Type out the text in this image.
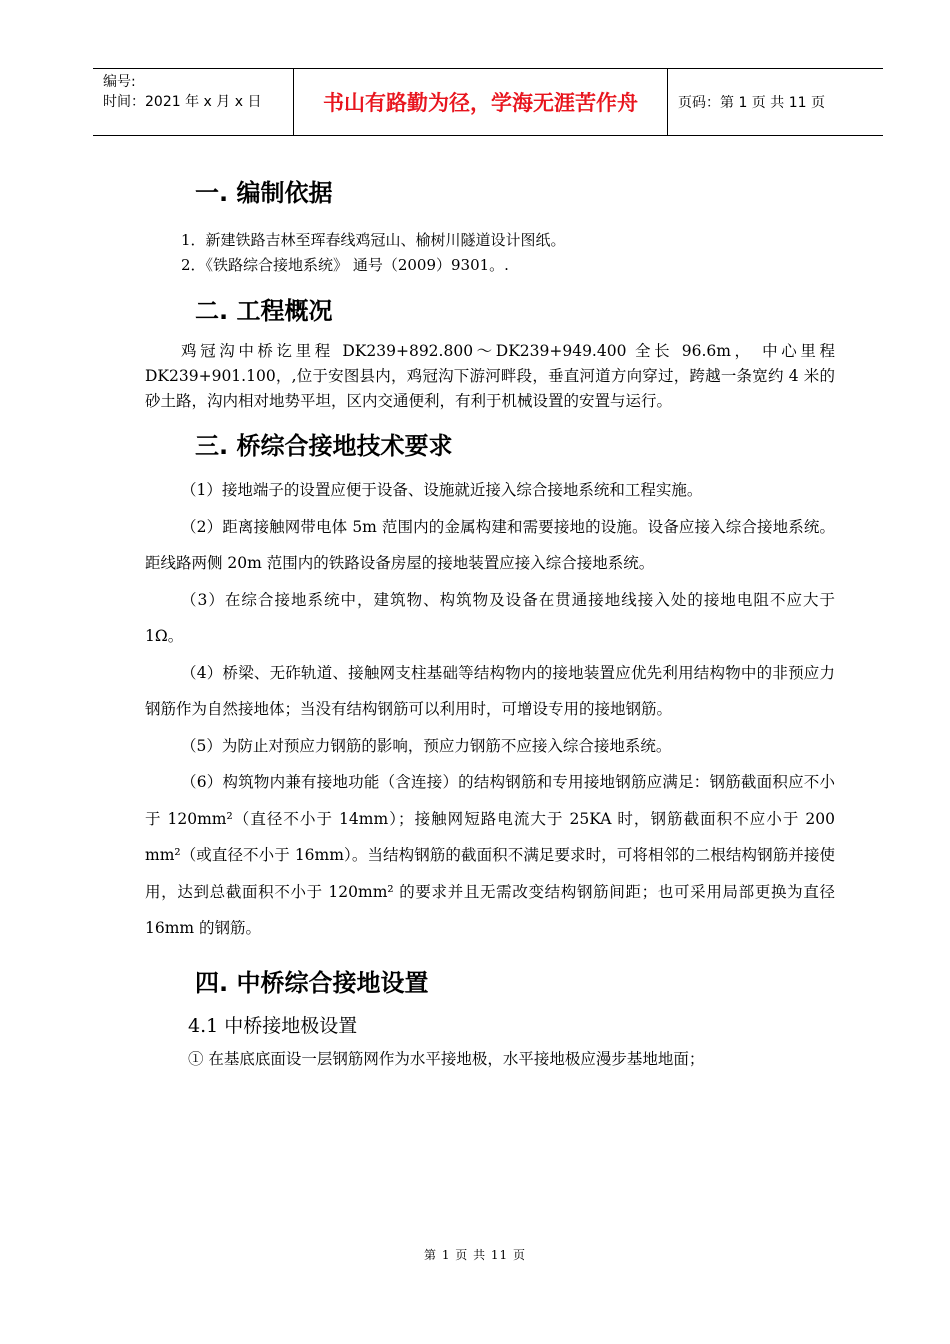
编号:
时间：2021 年 x 月 x 日	书山有路勤为径，学海无涯苦作舟	页码：第 1 页 共 11 页
一. 编制依据
1．新建铁路吉林至珲春线鸡冠山、榆树川隧道设计图纸。
2．《铁路综合接地系统》 通号（2009）9301。.
二. 工程概况
鸡冠沟中桥讫里程 DK239+892.800～DK239+949.400 全长 96.6m， 中心里程 DK239+901.100，,位于安图县内，鸡冠沟下游河畔段，垂直河道方向穿过，跨越一条宽约 4 米的砂土路，沟内相对地势平坦，区内交通便利，有利于机械设置的安置与运行。
三. 桥综合接地技术要求
（1）接地端子的设置应便于设备、设施就近接入综合接地系统和工程实施。
（2）距离接触网带电体 5m 范围内的金属构建和需要接地的设施。设备应接入综合接地系统。距线路两侧 20m 范围内的铁路设备房屋的接地装置应接入综合接地系统。
（3）在综合接地系统中，建筑物、构筑物及设备在贯通接地线接入处的接地电阻不应大于 1Ω。
（4）桥梁、无砟轨道、接触网支柱基础等结构物内的接地装置应优先利用结构物中的非预应力钢筋作为自然接地体；当没有结构钢筋可以利用时，可增设专用的接地钢筋。
（5）为防止对预应力钢筋的影响，预应力钢筋不应接入综合接地系统。
（6）构筑物内兼有接地功能（含连接）的结构钢筋和专用接地钢筋应满足：钢筋截面积应不小于 120mm²（直径不小于 14mm）；接触网短路电流大于 25KA 时，钢筋截面积不应小于 200 mm²（或直径不小于 16mm）。当结构钢筋的截面积不满足要求时，可将相邻的二根结构钢筋并接使用，达到总截面积不小于 120mm² 的要求并且无需改变结构钢筋间距；也可采用局部更换为直径 16mm 的钢筋。
四. 中桥综合接地设置
4.1 中桥接地极设置
① 在基底底面设一层钢筋网作为水平接地极，水平接地极应漫步基地地面；
第 1 页 共 11 页
